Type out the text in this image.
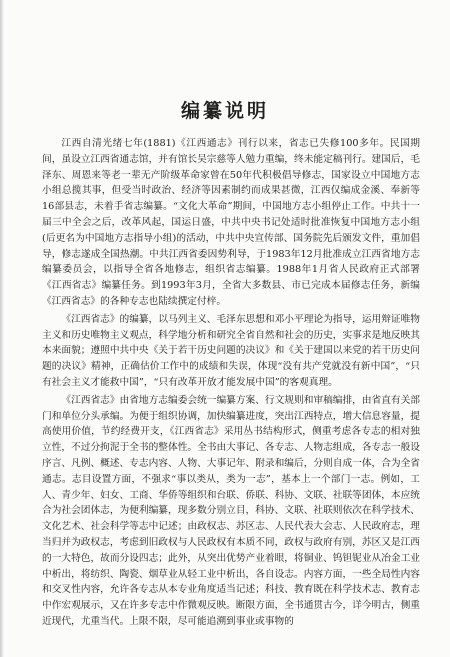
编纂说明

江西自清光绪七年(1881)《江西通志》刊行以来，省志已失修100多年。民国期间，虽设立江西省通志馆，并有馆长吴宗慈等人勉力重编，终未能定稿刊行。建国后，毛泽东、周恩来等老一辈无产阶级革命家曾在50年代积极倡导修志，国家设立中国地方志小组总揽其事，但受当时政治、经济等因素制约而成果甚微，江西仅编成金溪、奉新等16部县志，未着手省志编纂。“文化大革命”期间，中国地方志小组停止工作。中共十一届三中全会之后，改革风起，国运日盛，中共中央书记处适时批准恢复中国地方志小组(后更名为中国地方志指导小组)的活动，中共中央宣传部、国务院先后颁发文件，重加倡导，修志遂成全国热潮。中共江西省委因势利导，于1983年12月批准成立江西省地方志编纂委员会，以指导全省各地修志，组织省志编纂。1988年1月省人民政府正式部署《江西省志》编纂任务。到1993年3月，全省大多数县、市已完成本届修志任务，新编《江西省志》的各种专志也陆续撰定付梓。

《江西省志》的编纂，以马列主义、毛泽东思想和邓小平理论为指导，运用辩证唯物主义和历史唯物主义观点，科学地分析和研究全省自然和社会的历史，实事求是地反映其本来面貌；遵照中共中央《关于若干历史问题的决议》和《关于建国以来党的若干历史问题的决议》精神，正确估价工作中的成绩和失误，体现“没有共产党就没有新中国”，“只有社会主义才能救中国”，“只有改革开放才能发展中国”的客观真理。

《江西省志》由省地方志编委会统一编纂方案、行文规则和审稿编排，由省直有关部门和单位分头承编。为便于组织协调，加快编纂进度，突出江西特点，增大信息容量，提高使用价值，节约经费开支，《江西省志》采用丛书结构形式，侧重考虑各专志的相对独立性，不过分拘泥于全书的整体性。全书由大事记、各专志、人物志组成，各专志一般设序言、凡例、概述、专志内容、人物、大事记年、附录和编后，分则自成一体，合为全省通志。志目设置方面，不强求“事以类从，类为一志”，基本上一个部门一志。例如，工人、青少年、妇女、工商、华侨等组织和台联、侨联、科协、文联、社联等团体，本应统合为社会团体志，为便利编纂，现多数分别立目，科协、文联、社联则依次在科学技术、文化艺术、社会科学等志中记述；由政权志、苏区志、人民代表大会志、人民政府志，理当归并为政权志，考虑到旧政权与人民政权有本质不同，政权与政府有别，苏区又是江西的一大特色，故而分设四志；此外，从突出优势产业着眼，将铜业、钨钽铌业从冶金工业中析出，将纺织、陶瓷、烟草业从轻工业中析出，各自设志。内容方面，一些全局性内容和交叉性内容，允许各专志从本专业角度适当记述；科技、教育既在科学技术志、教育志中作宏观展示，又在许多专志中作微观反映。断限方面，全书通贯古今，详今明古，侧重近现代，尤重当代。上限不限，尽可能追溯到事业或事物的
